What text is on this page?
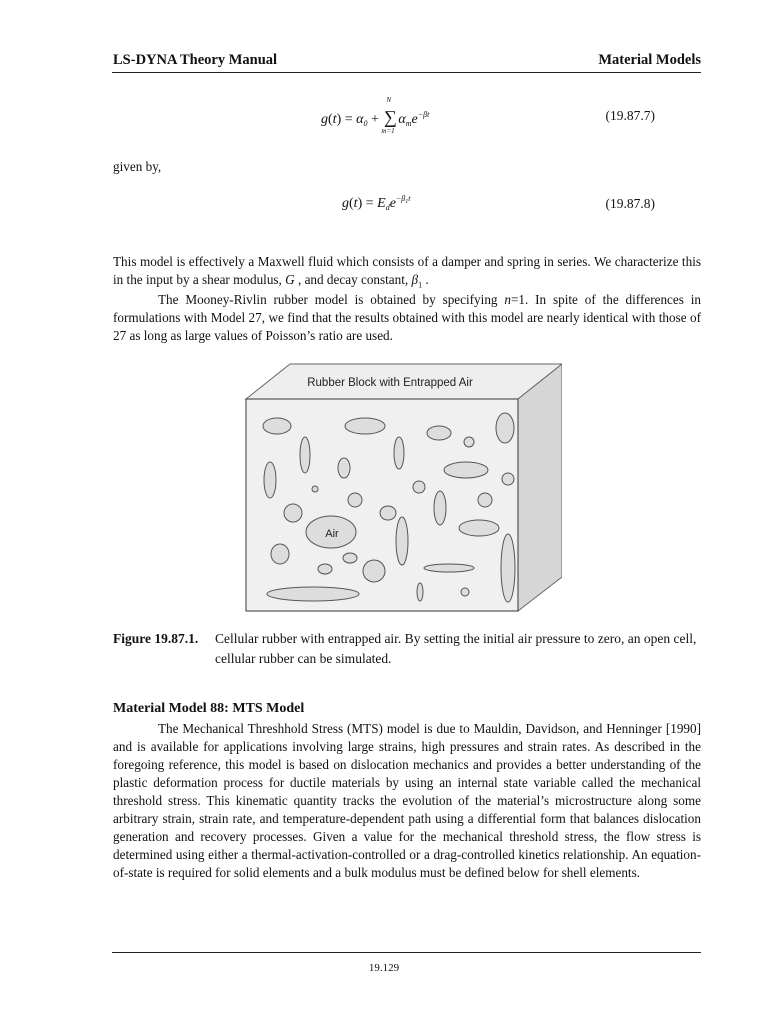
LS-DYNA Theory Manual	Material Models
$g(t) = \alpha_0$ +
N
∑
m=1
$\alpha_me^{-\beta t}$	(19.87.7)
given by,
$g(t) = E_de^{-\beta_1t}$	(19.87.8)
This model is effectively a Maxwell fluid which consists of a damper and spring in series. We characterize this in the input by a shear modulus, G , and decay constant, $\beta_1$ .
The Mooney-Rivlin rubber model is obtained by specifying n=1. In spite of the differences in formulations with Model 27, we find that the results obtained with this model are nearly identical with those of 27 as long as large values of Poisson’s ratio are used.
Rubber Block with Entrapped Air
Air
Figure 19.87.1. Cellular rubber with entrapped air. By setting the initial air pressure to zero, an open cell, cellular rubber can be simulated.
Material Model 88: MTS Model
The Mechanical Threshhold Stress (MTS) model is due to Mauldin, Davidson, and Henninger [1990] and is available for applications involving large strains, high pressures and strain rates. As described in the foregoing reference, this model is based on dislocation mechanics and provides a better understanding of the plastic deformation process for ductile materials by using an internal state variable called the mechanical threshold stress. This kinematic quantity tracks the evolution of the material’s microstructure along some arbitrary strain, strain rate, and temperature-dependent path using a differential form that balances dislocation generation and recovery processes. Given a value for the mechanical threshold stress, the flow stress is determined using either a thermal-activation-controlled or a drag-controlled kinetics relationship. An equation-of-state is required for solid elements and a bulk modulus must be defined below for shell elements.
19.129
